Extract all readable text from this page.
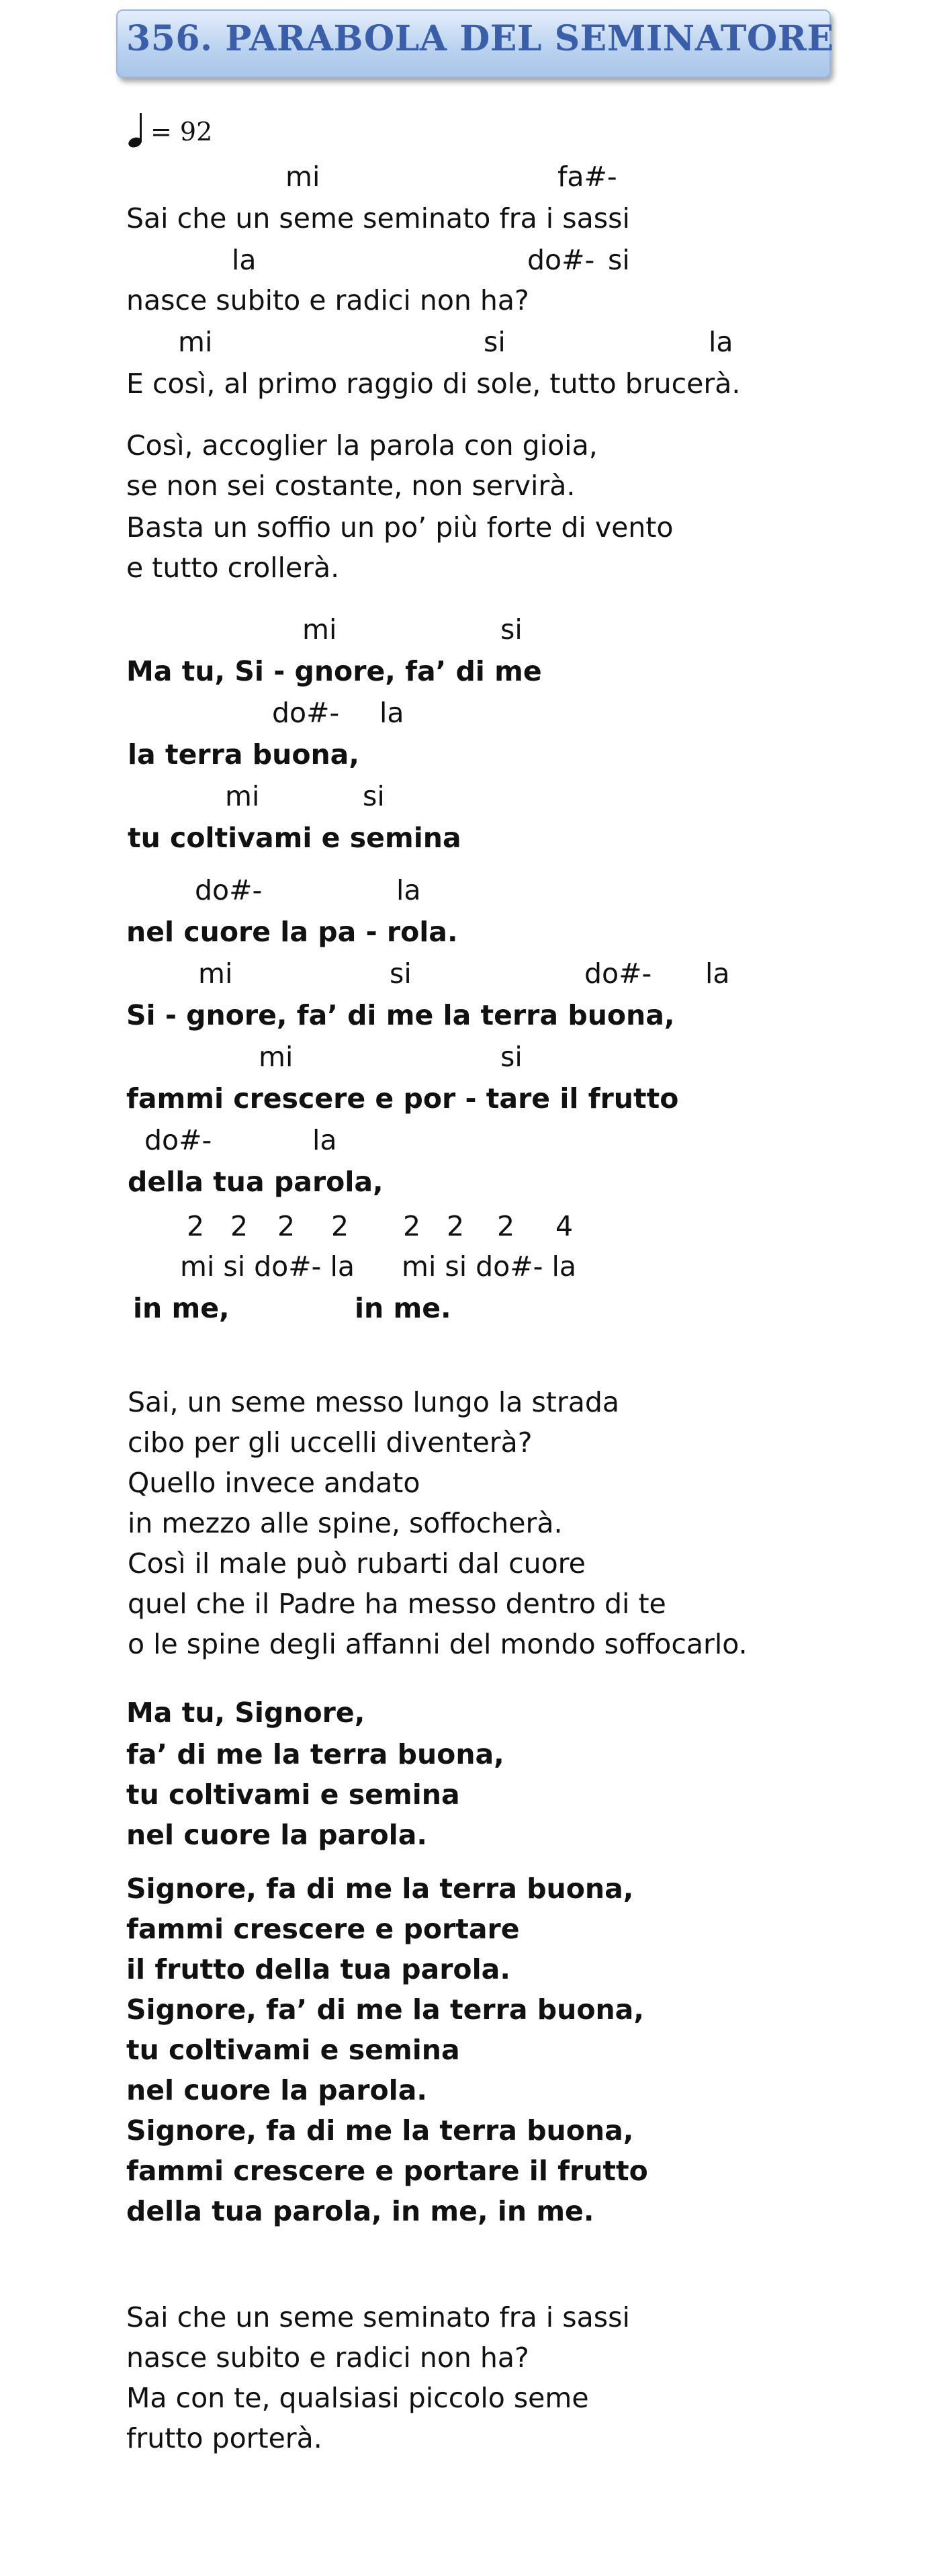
356. PARABOLA DEL SEMINATORE
= 92
mi	fa#-
Sai che un seme seminato fra i sassi
la	do#- si
nasce subito e radici non ha?
mi	si	la
E così, al primo raggio di sole, tutto brucerà.
Così, accoglier la parola con gioia,
se non sei costante, non servirà.
Basta un soffio un po’ più forte di vento
e tutto crollerà.
mi	si
Ma tu, Si - gnore, fa’ di me
do#- la
la terra buona,
mi	si
tu coltivami e semina
do#-	la
nel cuore la pa - rola.
mi	si	do#- la
Si - gnore, fa’ di me la terra buona,
mi	si
fammi crescere e por - tare il frutto
do#-	la
della tua parola,
2 2 2 2 2 2 2 4
mi si do#- la mi si do#- la
in me,	in me.
Sai, un seme messo lungo la strada
cibo per gli uccelli diventerà?
Quello invece andato
in mezzo alle spine, soffocherà.
Così il male può rubarti dal cuore
quel che il Padre ha messo dentro di te
o le spine degli affanni del mondo soffocarlo.
Ma tu, Signore,
fa’ di me la terra buona,
tu coltivami e semina
nel cuore la parola.
Signore, fa di me la terra buona,
fammi crescere e portare
il frutto della tua parola.
Signore, fa’ di me la terra buona,
tu coltivami e semina
nel cuore la parola.
Signore, fa di me la terra buona,
fammi crescere e portare il frutto
della tua parola, in me, in me.
Sai che un seme seminato fra i sassi
nasce subito e radici non ha?
Ma con te, qualsiasi piccolo seme
frutto porterà.
